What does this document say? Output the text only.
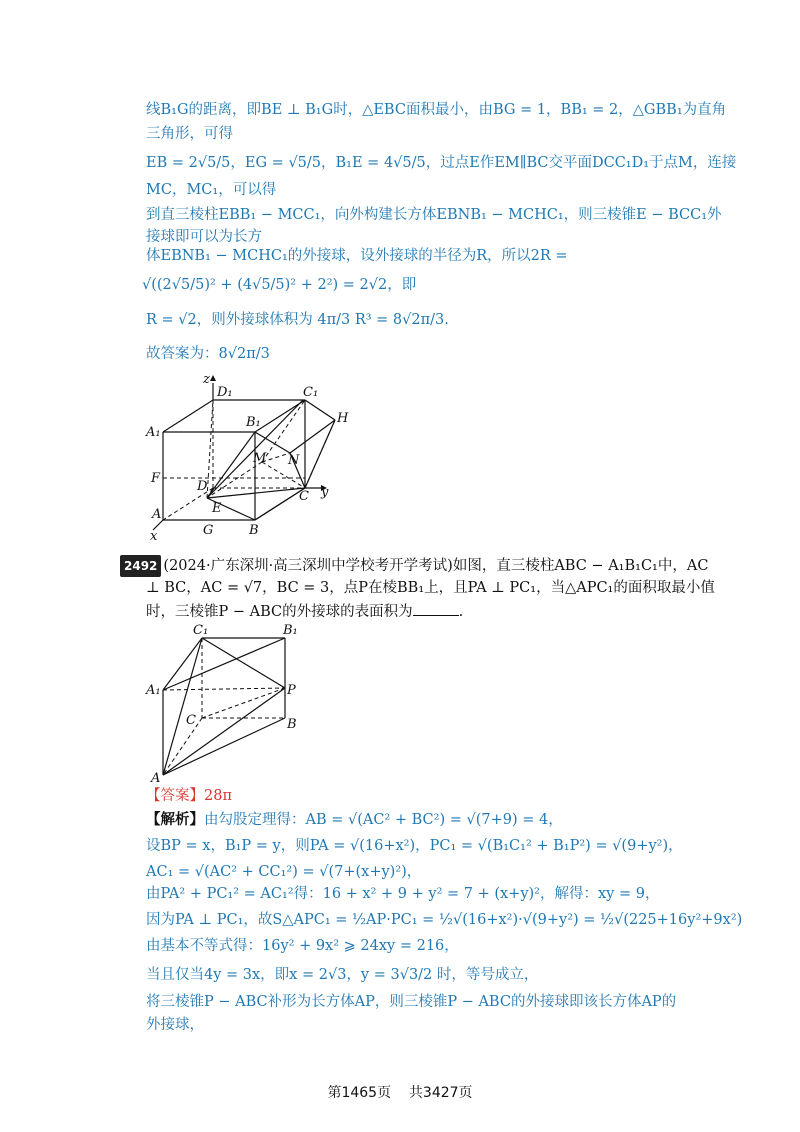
线B₁G的距离，即BE ⊥ B₁G时，△EBC面积最小，由BG = 1，BB₁ = 2，△GBB₁为直角
三角形，可得
EB = 2√5/5，EG = √5/5，B₁E = 4√5/5，过点E作EM∥BC交平面DCC₁D₁于点M，连接
MC，MC₁，可以得
到直三棱柱EBB₁ − MCC₁，向外构建长方体EBNB₁ − MCHC₁，则三棱锥E − BCC₁外
接球即可以为长方
体EBNB₁ − MCHC₁的外接球，设外接球的半径为R，所以2R =
√((2√5/5)² + (4√5/5)² + 2²) = 2√2，即
R = √2，则外接球体积为 4π/3 R³ = 8√2π/3.
故答案为：8√2π/3
z
D₁	C₁
A₁
B₁	H
M N
F
D
C y
A	E
G	B
x
2492 (2024·广东深圳·高三深圳中学校考开学考试)如图，直三棱柱ABC − A₁B₁C₁中，AC
⊥ BC，AC = √7，BC = 3，点P在棱BB₁上，且PA ⊥ PC₁，当△APC₁的面积取最小值
时，三棱锥P − ABC的外接球的表面积为	.
C₁	B₁
A₁	P
C	B
A
【答案】28π
【解析】由勾股定理得：AB = √(AC² + BC²) = √(7+9) = 4，
设BP = x，B₁P = y，则PA = √(16+x²)，PC₁ = √(B₁C₁² + B₁P²) = √(9+y²)，
AC₁ = √(AC² + CC₁²) = √(7+(x+y)²)，
由PA² + PC₁² = AC₁²得：16 + x² + 9 + y² = 7 + (x+y)²，解得：xy = 9，
因为PA ⊥ PC₁，故S△APC₁ = ½AP·PC₁ = ½√(16+x²)·√(9+y²) = ½√(225+16y²+9x²)
由基本不等式得：16y² + 9x² ⩾ 24xy = 216，
当且仅当4y = 3x，即x = 2√3，y = 3√3/2 时，等号成立，
将三棱锥P − ABC补形为长方体AP，则三棱锥P − ABC的外接球即该长方体AP的
外接球，
第1465页 共3427页
